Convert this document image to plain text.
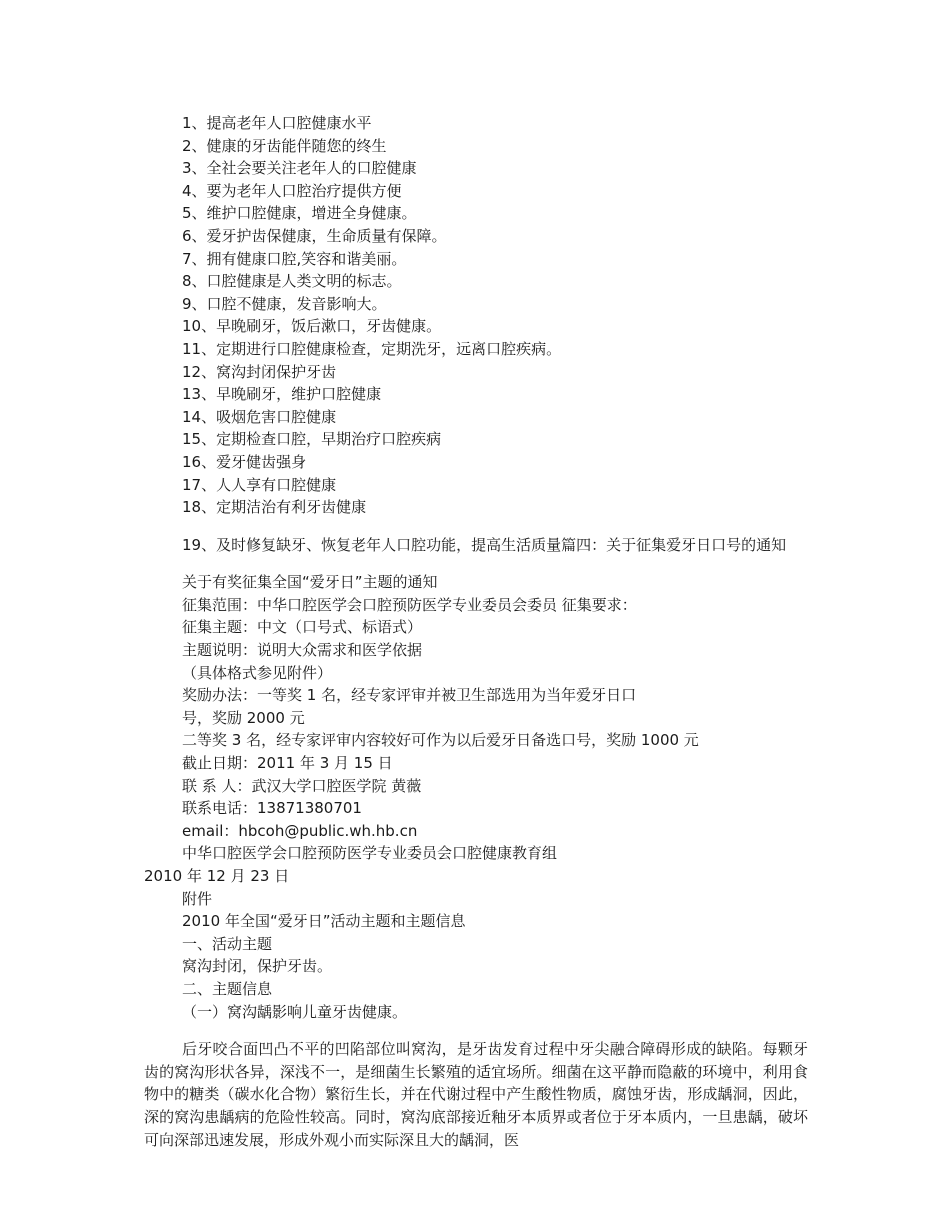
1、提高老年人口腔健康水平

2、健康的牙齿能伴随您的终生

3、全社会要关注老年人的口腔健康

4、要为老年人口腔治疗提供方便

5、维护口腔健康，增进全身健康。

6、爱牙护齿保健康，生命质量有保障。

7、拥有健康口腔,笑容和谐美丽。

8、口腔健康是人类文明的标志。

9、口腔不健康，发音影响大。

10、早晚刷牙，饭后漱口，牙齿健康。

11、定期进行口腔健康检查，定期洗牙，远离口腔疾病。

12、窝沟封闭保护牙齿

13、早晚刷牙，维护口腔健康

14、吸烟危害口腔健康

15、定期检查口腔，早期治疗口腔疾病

16、爱牙健齿强身

17、人人享有口腔健康

18、定期洁治有利牙齿健康

19、及时修复缺牙、恢复老年人口腔功能，提高生活质量篇四：关于征集爱牙日口号的通知

关于有奖征集全国“爱牙日”主题的通知

征集范围：中华口腔医学会口腔预防医学专业委员会委员 征集要求：

征集主题：中文（口号式、标语式）

主题说明：说明大众需求和医学依据

（具体格式参见附件）

奖励办法：一等奖 1 名，经专家评审并被卫生部选用为当年爱牙日口

号，奖励 2000 元

二等奖 3 名，经专家评审内容较好可作为以后爱牙日备选口号，奖励 1000 元

截止日期：2011 年 3 月 15 日

联 系 人：武汉大学口腔医学院 黄薇

联系电话：13871380701

email：hbcoh@public.wh.hb.cn

中华口腔医学会口腔预防医学专业委员会口腔健康教育组

2010 年 12 月 23 日

附件

2010 年全国“爱牙日”活动主题和主题信息

一、活动主题

窝沟封闭，保护牙齿。

二、主题信息

（一）窝沟龋影响儿童牙齿健康。

后牙咬合面凹凸不平的凹陷部位叫窝沟，是牙齿发育过程中牙尖融合障碍形成的缺陷。每颗牙齿的窝沟形状各异，深浅不一，是细菌生长繁殖的适宜场所。细菌在这平静而隐蔽的环境中，利用食物中的糖类（碳水化合物）繁衍生长，并在代谢过程中产生酸性物质，腐蚀牙齿，形成龋洞，因此，深的窝沟患龋病的危险性较高。同时，窝沟底部接近釉牙本质界或者位于牙本质内，一旦患龋，破坏可向深部迅速发展，形成外观小而实际深且大的龋洞，医
